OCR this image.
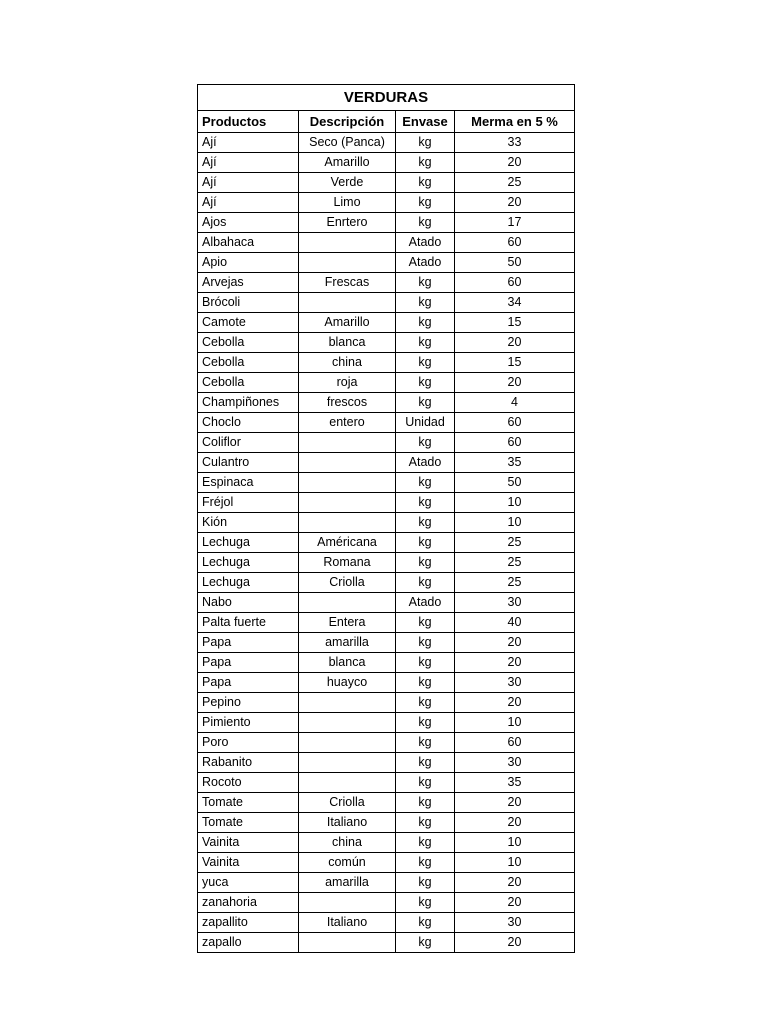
VERDURAS			
Productos	Descripción	Envase	Merma en 5 %
Ají	Seco (Panca)	kg	33
Ají	Amarillo	kg	20
Ají	Verde	kg	25
Ají	Limo	kg	20
Ajos	Enrtero	kg	17
Albahaca		Atado	60
Apio		Atado	50
Arvejas	Frescas	kg	60
Brócoli		kg	34
Camote	Amarillo	kg	15
Cebolla	blanca	kg	20
Cebolla	china	kg	15
Cebolla	roja	kg	20
Champiñones	frescos	kg	4
Choclo	entero	Unidad	60
Coliflor		kg	60
Culantro		Atado	35
Espinaca		kg	50
Fréjol		kg	10
Kión		kg	10
Lechuga	Américana	kg	25
Lechuga	Romana	kg	25
Lechuga	Criolla	kg	25
Nabo		Atado	30
Palta fuerte	Entera	kg	40
Papa	amarilla	kg	20
Papa	blanca	kg	20
Papa	huayco	kg	30
Pepino		kg	20
Pimiento		kg	10
Poro		kg	60
Rabanito		kg	30
Rocoto		kg	35
Tomate	Criolla	kg	20
Tomate	Italiano	kg	20
Vainita	china	kg	10
Vainita	común	kg	10
yuca	amarilla	kg	20
zanahoria		kg	20
zapallito	Italiano	kg	30
zapallo		kg	20
